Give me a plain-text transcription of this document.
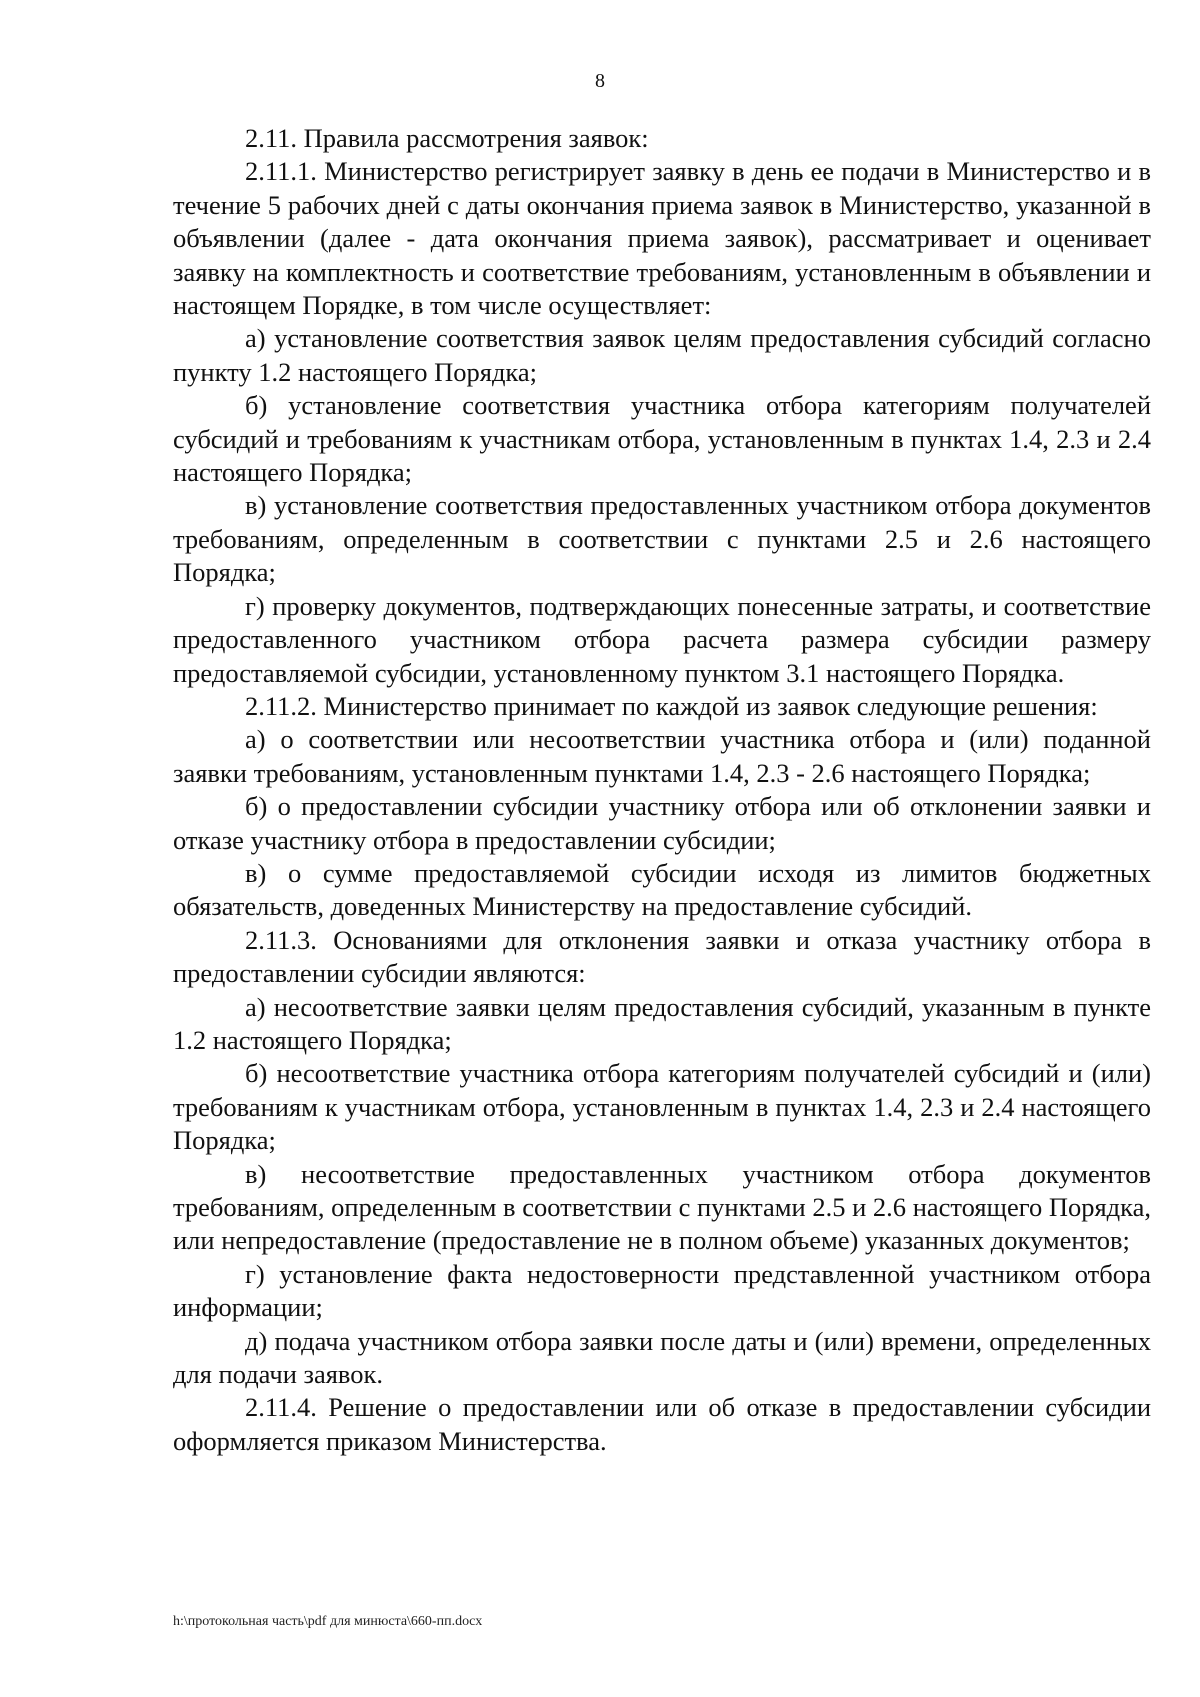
8

2.11. Правила рассмотрения заявок:

2.11.1. Министерство регистрирует заявку в день ее подачи в Министерство и в течение 5 рабочих дней с даты окончания приема заявок в Министерство, указанной в объявлении (далее - дата окончания приема заявок), рассматривает и оценивает заявку на комплектность и соответствие требованиям, установленным в объявлении и настоящем Порядке, в том числе осуществляет:

а) установление соответствия заявок целям предоставления субсидий согласно пункту 1.2 настоящего Порядка;

б) установление соответствия участника отбора категориям получателей субсидий и требованиям к участникам отбора, установленным в пунктах 1.4, 2.3 и 2.4 настоящего Порядка;

в) установление соответствия предоставленных участником отбора документов требованиям, определенным в соответствии с пунктами 2.5 и 2.6 настоящего Порядка;

г) проверку документов, подтверждающих понесенные затраты, и соответствие предоставленного участником отбора расчета размера субсидии размеру предоставляемой субсидии, установленному пунктом 3.1 настоящего Порядка.

2.11.2. Министерство принимает по каждой из заявок следующие решения:

а) о соответствии или несоответствии участника отбора и (или) поданной заявки требованиям, установленным пунктами 1.4, 2.3 - 2.6 настоящего Порядка;

б) о предоставлении субсидии участнику отбора или об отклонении заявки и отказе участнику отбора в предоставлении субсидии;

в) о сумме предоставляемой субсидии исходя из лимитов бюджетных обязательств, доведенных Министерству на предоставление субсидий.

2.11.3. Основаниями для отклонения заявки и отказа участнику отбора в предоставлении субсидии являются:

а) несоответствие заявки целям предоставления субсидий, указанным в пункте 1.2 настоящего Порядка;

б) несоответствие участника отбора категориям получателей субсидий и (или) требованиям к участникам отбора, установленным в пунктах 1.4, 2.3 и 2.4 настоящего Порядка;

в) несоответствие предоставленных участником отбора документов требованиям, определенным в соответствии с пунктами 2.5 и 2.6 настоящего Порядка, или непредоставление (предоставление не в полном объеме) указанных документов;

г) установление факта недостоверности представленной участником отбора информации;

д) подача участником отбора заявки после даты и (или) времени, определенных для подачи заявок.

2.11.4. Решение о предоставлении или об отказе в предоставлении субсидии оформляется приказом Министерства.

h:\протокольная часть\pdf для минюста\660-пп.docx
